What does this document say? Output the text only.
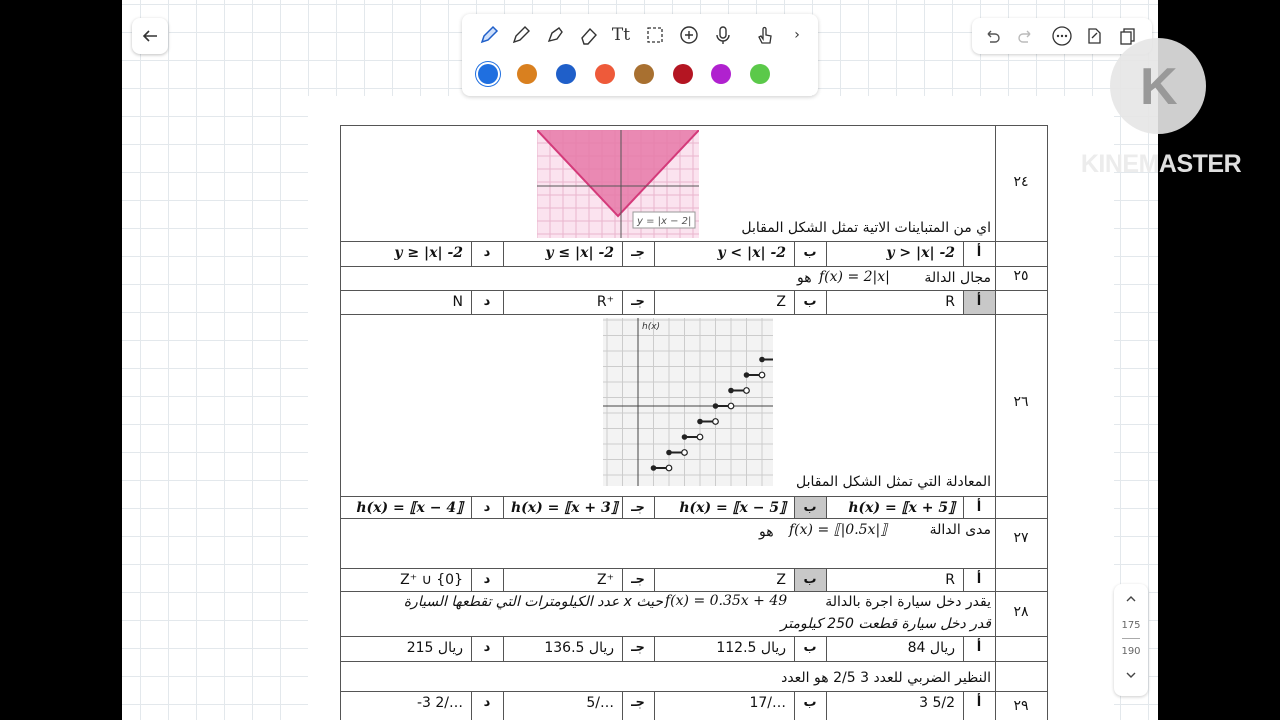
Tt	›
175
190
أ
y > |x| -2
ب
y < |x| -2
جـ
y ≤ |x| -2
د
y ≥ |x| -2
أ
R
ب
Z
جـ
R⁺
د
N
أ
h(x) = ⟦x + 5⟧
ب
h(x) = ⟦x − 5⟧
جـ
h(x) = ⟦x + 3⟧
د
h(x) = ⟦x − 4⟧
أ
R
ب
Z
جـ
Z⁺
د
Z⁺ ∪ {0}
أ
84 ريال
ب
112.5 ريال
جـ
136.5 ريال
د
215 ريال
أ
3 5/2
ب
17/…
جـ
5/…
د
-3 2/…
٢٤
٢٥
٢٦
٢٧
٢٨
٢٩
اي من المتباينات الاتية تمثل الشكل المقابل
مجال الدالة
f(x) = 2|x|
هو
المعادلة التي تمثل الشكل المقابل
مدى الدالة
f(x) = ⟦|0.5x|⟧
هو
يقدر دخل سيارة اجرة بالدالة
f(x) = 0.35x + 49
حيث x عدد الكيلومترات التي تقطعها السيارة
قدر دخل سيارة قطعت 250 كيلومتر
النظير الضربي للعدد 3 2/5 هو العدد
y = |x − 2|
h(x)
K
KINEMASTER
